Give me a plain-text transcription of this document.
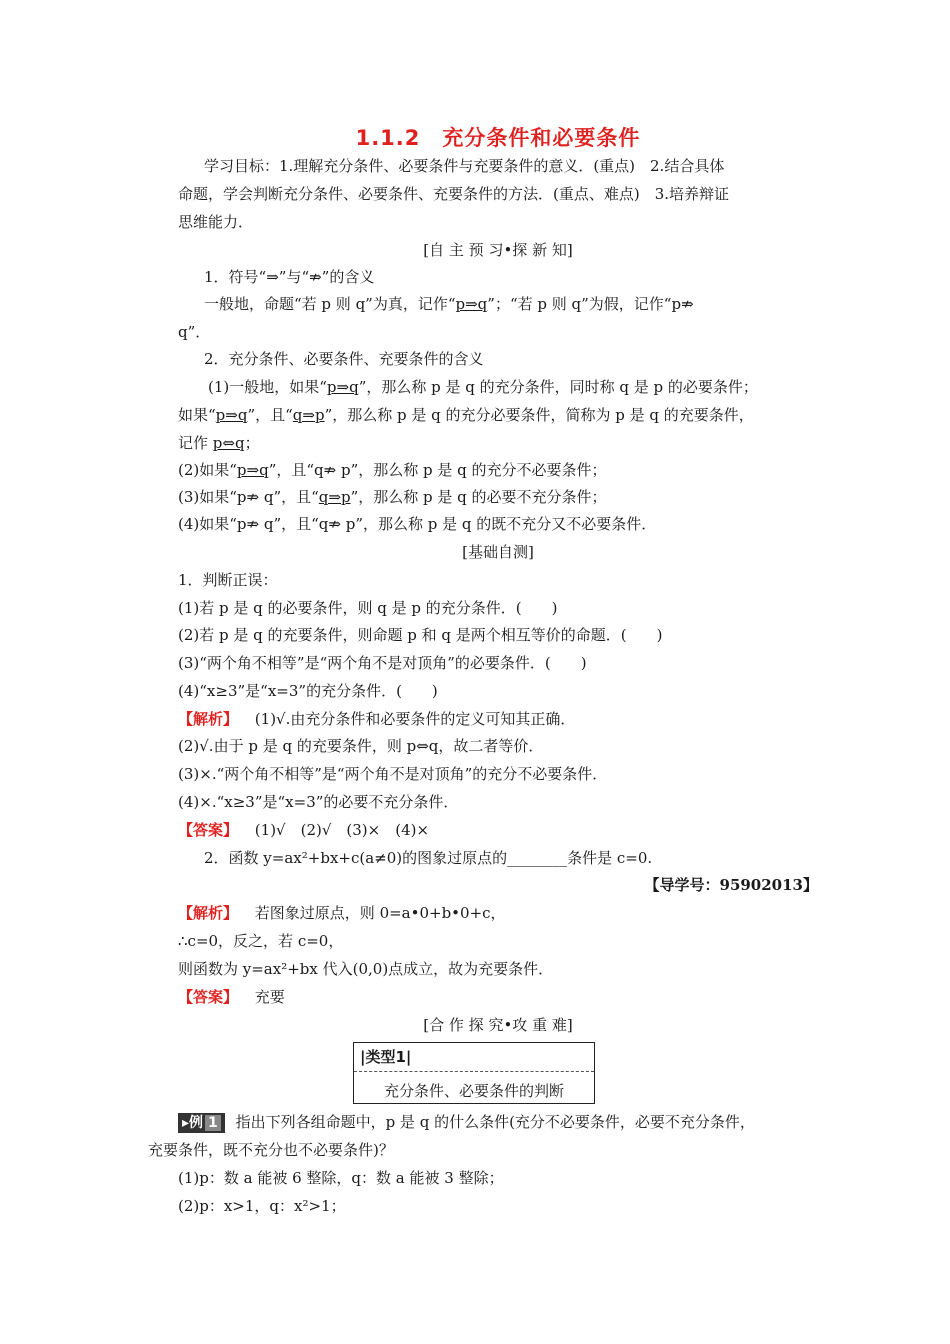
1.1.2　充分条件和必要条件
学习目标：1.理解充分条件、必要条件与充要条件的意义．(重点)　2.结合具体
命题，学会判断充分条件、必要条件、充要条件的方法．(重点、难点)　3.培养辩证
思维能力．
[自 主 预 习•探 新 知]
1．符号“⇒”与“⇏”的含义
一般地，命题“若 p 则 q”为真，记作“p⇒q”；“若 p 则 q”为假，记作“p⇏
q”．
2．充分条件、必要条件、充要条件的含义
(1)一般地，如果“p⇒q”，那么称 p 是 q 的充分条件，同时称 q 是 p 的必要条件；
如果“p⇒q”，且“q⇒p”，那么称 p 是 q 的充分必要条件，简称为 p 是 q 的充要条件，
记作 p⇔q；
(2)如果“p⇒q”，且“q⇏ p”，那么称 p 是 q 的充分不必要条件；
(3)如果“p⇏ q”，且“q⇒p”，那么称 p 是 q 的必要不充分条件；
(4)如果“p⇏ q”，且“q⇏ p”，那么称 p 是 q 的既不充分又不必要条件．
[基础自测]
1．判断正误：
(1)若 p 是 q 的必要条件，则 q 是 p 的充分条件．(　　)
(2)若 p 是 q 的充要条件，则命题 p 和 q 是两个相互等价的命题．(　　)
(3)“两个角不相等”是“两个角不是对顶角”的必要条件．(　　)
(4)“x≥3”是“x=3”的充分条件．(　　)
【解析】 (1)√.由充分条件和必要条件的定义可知其正确．
(2)√.由于 p 是 q 的充要条件，则 p⇔q，故二者等价．
(3)×.“两个角不相等”是“两个角不是对顶角”的充分不必要条件．
(4)×.“x≥3”是“x=3”的必要不充分条件．
【答案】 (1)√　(2)√　(3)×　(4)×
2．函数 y=ax²+bx+c(a≠0)的图象过原点的________条件是 c=0.
【导学号：95902013】
【解析】 若图象过原点，则 0=a•0+b•0+c，
∴c=0，反之，若 c=0，
则函数为 y=ax²+bx 代入(0,0)点成立，故为充要条件．
【答案】 充要
[合 作 探 究•攻 重 难]
|类型1|
充分条件、必要条件的判断
▸例 1 指出下列各组命题中，p 是 q 的什么条件(充分不必要条件，必要不充分条件，
充要条件，既不充分也不必要条件)？
(1)p：数 a 能被 6 整除，q：数 a 能被 3 整除；
(2)p：x>1，q：x²>1；
